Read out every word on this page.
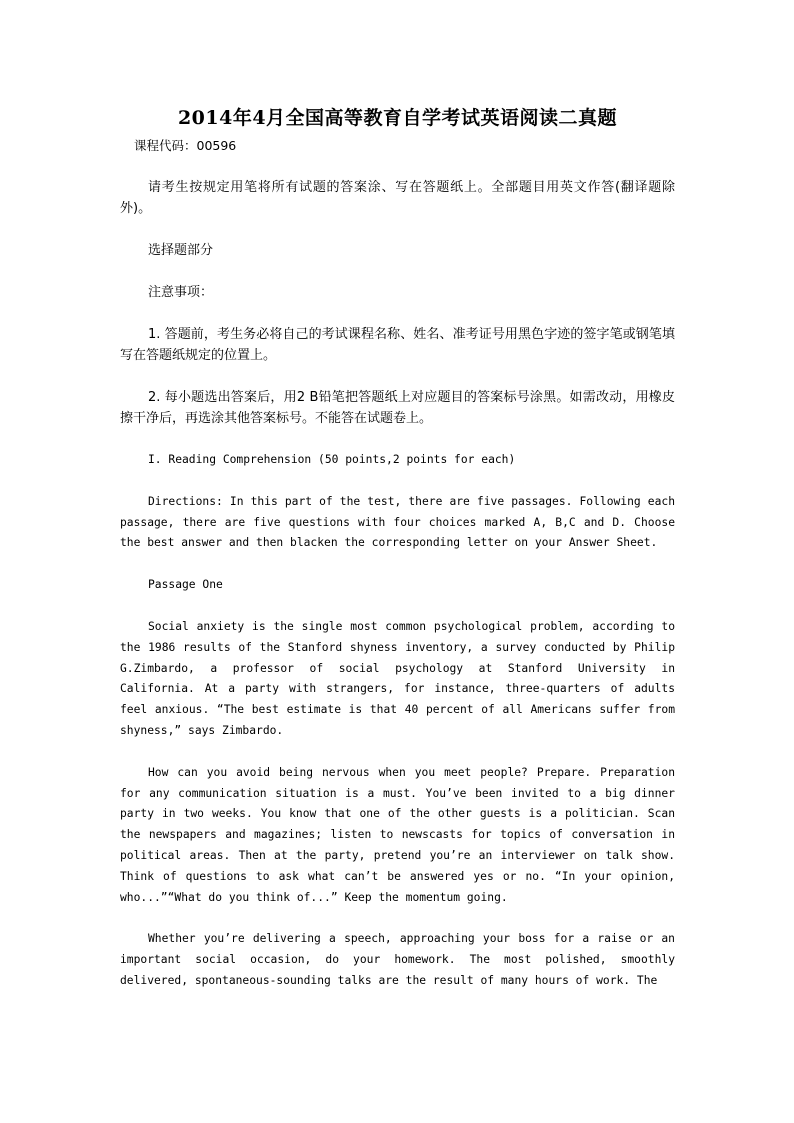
2014年4月全国高等教育自学考试英语阅读二真题
课程代码：00596

请考生按规定用笔将所有试题的答案涂、写在答题纸上。全部题目用英文作答(翻译题除外)。

选择题部分

注意事项：

1. 答题前，考生务必将自己的考试课程名称、姓名、准考证号用黑色字迹的签字笔或钢笔填写在答题纸规定的位置上。

2. 每小题选出答案后，用2 B铅笔把答题纸上对应题目的答案标号涂黑。如需改动，用橡皮擦干净后，再选涂其他答案标号。不能答在试题卷上。

I. Reading Comprehension (50 points,2 points for each)

Directions: In this part of the test, there are five passages. Following each passage, there are five questions with four choices marked A, B,C and D. Choose the best answer and then blacken the corresponding letter on your Answer Sheet.

Passage One

Social anxiety is the single most common psychological problem, according to the 1986 results of the Stanford shyness inventory, a survey conducted by Philip G.Zimbardo, a professor of social psychology at Stanford University in California. At a party with strangers, for instance, three-quarters of adults feel anxious. “The best estimate is that 40 percent of all Americans suffer from shyness,” says Zimbardo.

How can you avoid being nervous when you meet people? Prepare. Preparation for any communication situation is a must. You’ve been invited to a big dinner party in two weeks. You know that one of the other guests is a politician. Scan the newspapers and magazines; listen to newscasts for topics of conversation in political areas. Then at the party, pretend you’re an interviewer on talk show. Think of questions to ask what can’t be answered yes or no. “In your opinion, who...”“What do you think of...” Keep the momentum going.

Whether you’re delivering a speech, approaching your boss for a raise or an important social occasion, do your homework. The most polished, smoothly delivered, spontaneous-sounding talks are the result of many hours of work. The
